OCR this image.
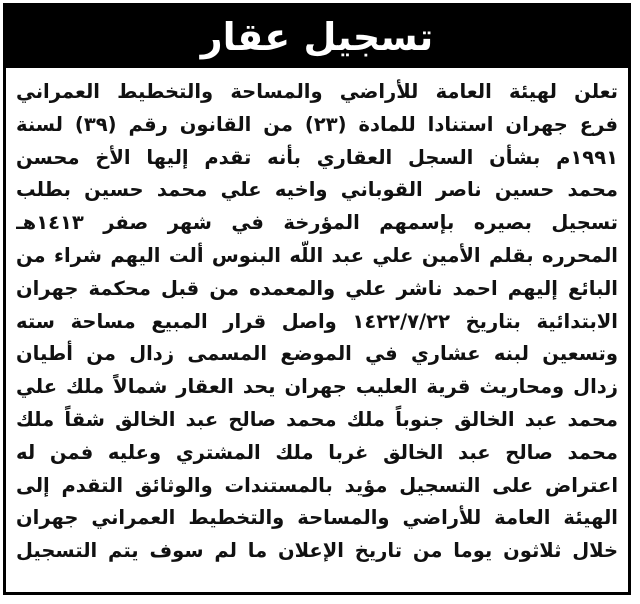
تسجيل عقار
تعلن لهيئة العامة للأراضي والمساحة والتخطيط العمراني
فرع جهران استنادا للمادة (٢٣) من القانون رقم (٣٩) لسنة
١٩٩١م بشأن السجل العقاري بأنه تقدم إليها الأخ محسن
محمد حسين ناصر القوباني واخيه علي محمد حسين بطلب
تسجيل بصيره بإسمهم المؤرخة في شهر صفر ١٤١٣هـ
المحرره بقلم الأمين علي عبد اللّه البنوس ألت اليهم شراء من
البائع إليهم احمد ناشر علي والمعمده من قبل محكمة جهران
الابتدائية بتاريخ ١٤٢٢/٧/٢٢ واصل قرار المبيع مساحة سته
وتسعين لبنه عشاري في الموضع المسمى زدال من أطيان
زدال ومحاريث قرية العليب جهران يحد العقار شمالاً ملك علي
محمد عبد الخالق جنوباً ملك محمد صالح عبد الخالق شقاً ملك
محمد صالح عبد الخالق غربا ملك المشتري وعليه فمن له
اعتراض على التسجيل مؤيد بالمستندات والوثائق التقدم إلى
الهيئة العامة للأراضي والمساحة والتخطيط العمراني جهران
خلال ثلاثون يوما من تاريخ الإعلان ما لم سوف يتم التسجيل
